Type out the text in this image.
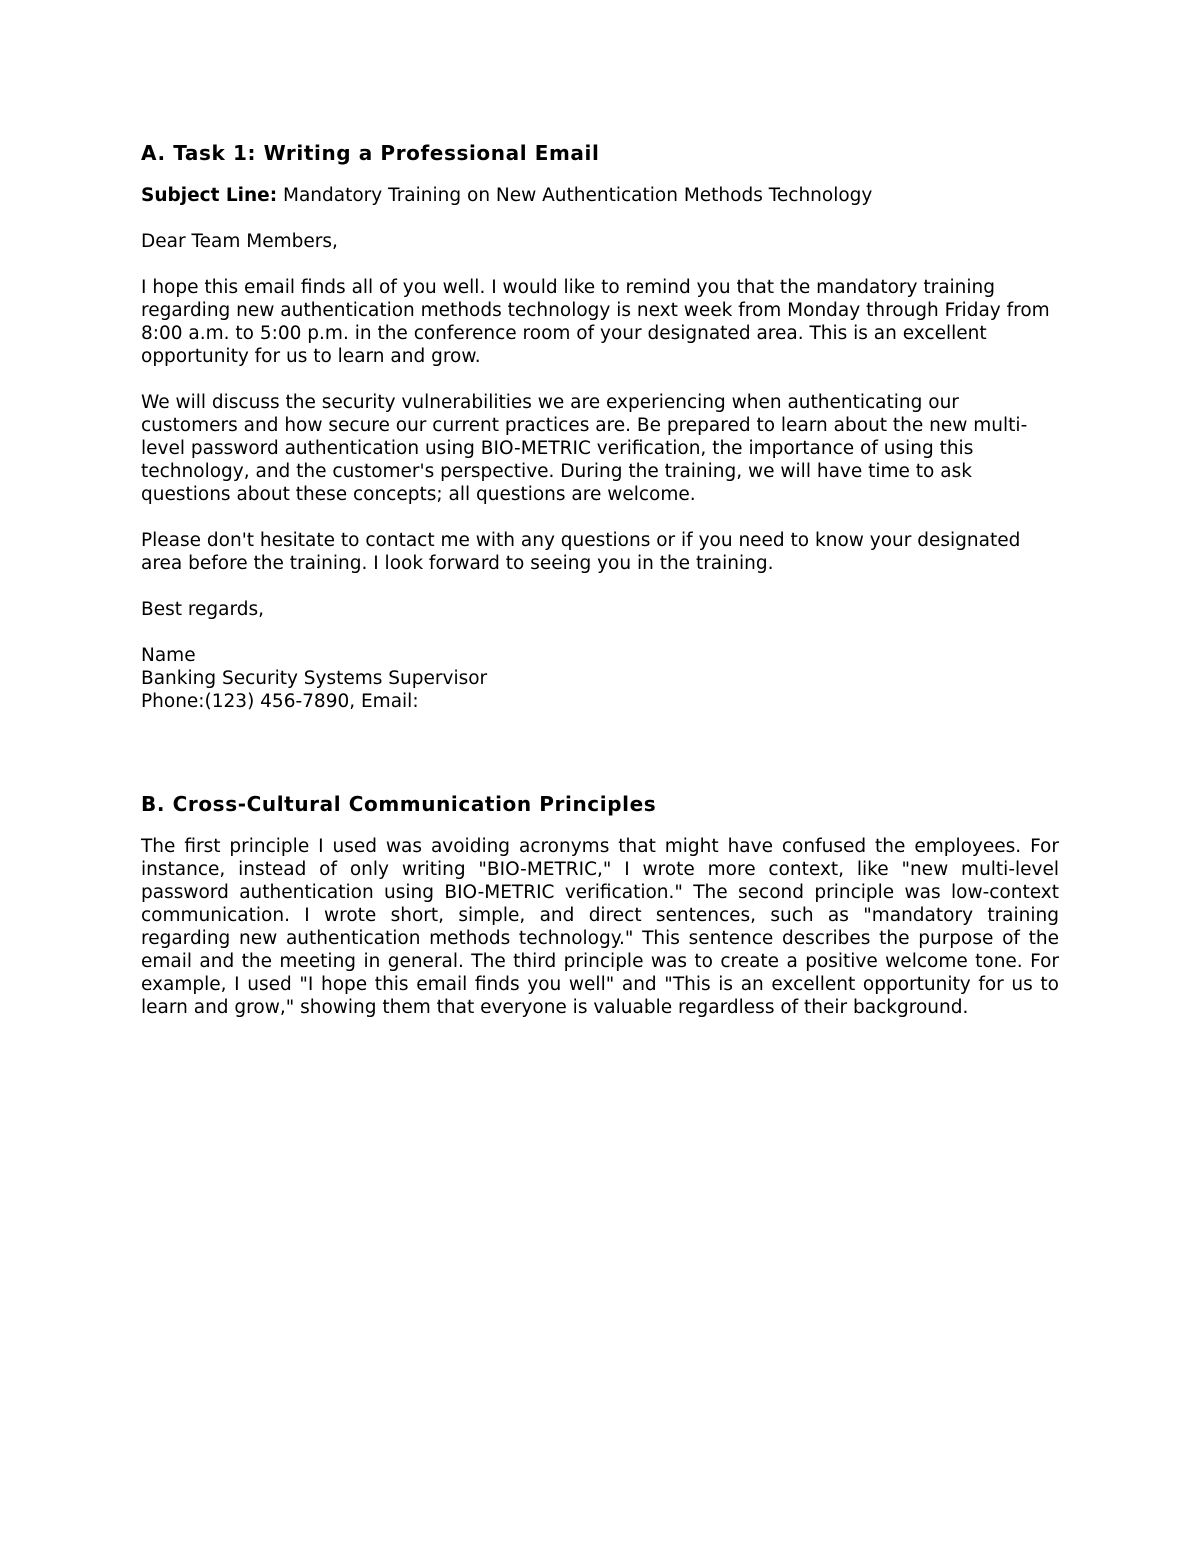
A. Task 1: Writing a Professional Email

Subject Line: Mandatory Training on New Authentication Methods Technology

Dear Team Members,

I hope this email finds all of you well. I would like to remind you that the mandatory training regarding new authentication methods technology is next week from Monday through Friday from 8:00 a.m. to 5:00 p.m. in the conference room of your designated area. This is an excellent opportunity for us to learn and grow.

We will discuss the security vulnerabilities we are experiencing when authenticating our customers and how secure our current practices are. Be prepared to learn about the new multi-level password authentication using BIO-METRIC verification, the importance of using this technology, and the customer's perspective. During the training, we will have time to ask questions about these concepts; all questions are welcome.

Please don't hesitate to contact me with any questions or if you need to know your designated area before the training. I look forward to seeing you in the training.

Best regards,

Name
Banking Security Systems Supervisor
Phone:(123) 456-7890, Email:

B. Cross-Cultural Communication Principles

The first principle I used was avoiding acronyms that might have confused the employees. For instance, instead of only writing "BIO-METRIC," I wrote more context, like "new multi-level password authentication using BIO-METRIC verification." The second principle was low-context communication. I wrote short, simple, and direct sentences, such as "mandatory training regarding new authentication methods technology." This sentence describes the purpose of the email and the meeting in general. The third principle was to create a positive welcome tone. For example, I used "I hope this email finds you well" and "This is an excellent opportunity for us to learn and grow," showing them that everyone is valuable regardless of their background.
